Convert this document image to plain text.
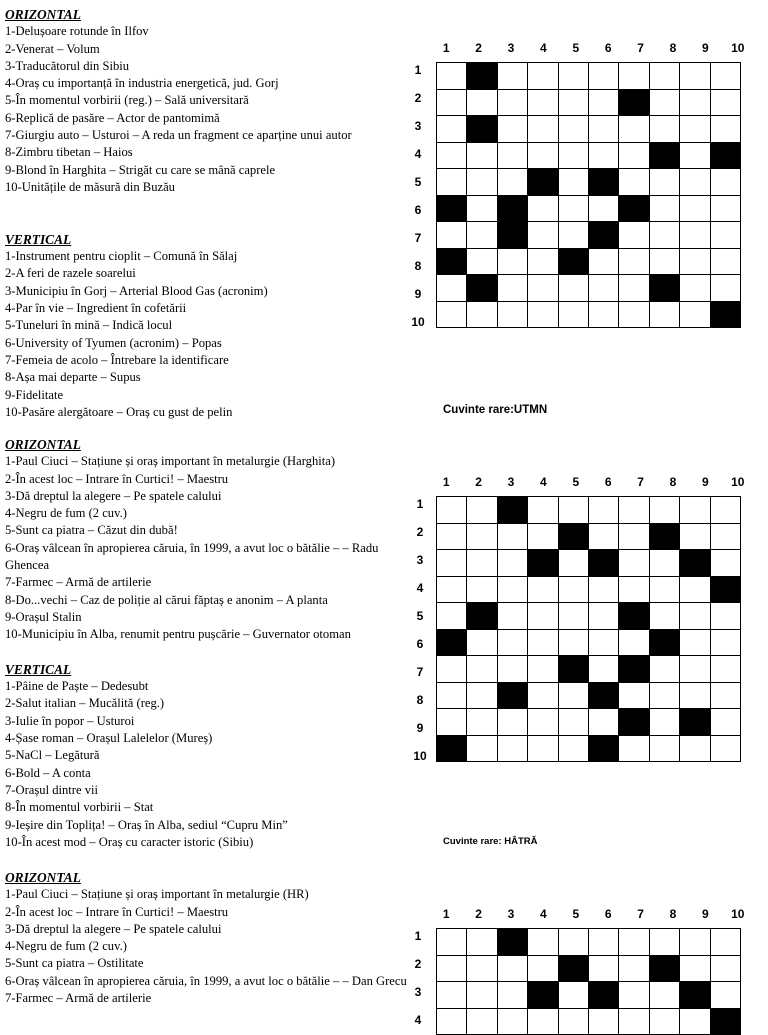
ORIZONTAL
1-Delușoare rotunde în Ilfov
2-Venerat – Volum
3-Traducătorul din Sibiu
4-Oraș cu importanță în industria energetică, jud. Gorj
5-În momentul vorbirii (reg.) – Sală universitară
6-Replică de pasăre – Actor de pantomimă
7-Giurgiu auto – Usturoi – A reda un fragment ce aparține unui autor
8-Zimbru tibetan – Haios
9-Blond în Harghita – Strigăt cu care se mână caprele
10-Unitățile de măsură din Buzău
VERTICAL
1-Instrument pentru cioplit – Comună în Sălaj
2-A feri de razele soarelui
3-Municipiu în Gorj – Arterial Blood Gas (acronim)
4-Par în vie – Ingredient în cofetării
5-Tuneluri în mină – Indică locul
6-University of Tyumen (acronim) – Popas
7-Femeia de acolo – Întrebare la identificare
8-Așa mai departe – Supus
9-Fidelitate
10-Pasăre alergătoare – Oraș cu gust de pelin
ORIZONTAL
1-Paul Ciuci – Stațiune și oraș important în metalurgie (Harghita)
2-În acest loc – Intrare în Curtici! – Maestru
3-Dă dreptul la alegere – Pe spatele calului
4-Negru de fum (2 cuv.)
5-Sunt ca piatra – Căzut din dubă!
6-Oraș vâlcean în apropierea căruia, în 1999, a avut loc o bătălie – – Radu Ghencea
7-Farmec – Armă de artilerie
8-Do...vechi – Caz de poliție al cărui făptaș e anonim – A planta
9-Orașul Stalin
10-Municipiu în Alba, renumit pentru pușcărie – Guvernator otoman
VERTICAL
1-Pâine de Paște – Dedesubt
2-Salut italian – Mucălită (reg.)
3-Iulie în popor – Usturoi
4-Șase roman – Orașul Lalelelor (Mureș)
5-NaCl – Legătură
6-Bold – A conta
7-Orașul dintre vii
8-În momentul vorbirii – Stat
9-Ieșire din Toplița! – Oraș în Alba, sediul “Cupru Min”
10-În acest mod – Oraș cu caracter istoric (Sibiu)
ORIZONTAL
1-Paul Ciuci – Stațiune și oraș important în metalurgie (HR)
2-În acest loc – Intrare în Curtici! – Maestru
3-Dă dreptul la alegere – Pe spatele calului
4-Negru de fum (2 cuv.)
5-Sunt ca piatra – Ostilitate
6-Oraș vâlcean în apropierea căruia, în 1999, a avut loc o bătălie – – Dan Grecu
7-Farmec – Armă de artilerie
1	2	3	4	5	6	7	8	9	10
1
2
3
4
5
6
7
8
9
10

Cuvinte rare:UTMN
1	2	3	4	5	6	7	8	9	10
1
2
3
4
5
6
7
8
9
10

Cuvinte rare: HÂTRĂ
1	2	3	4	5	6	7	8	9	10
1
2
3
4
